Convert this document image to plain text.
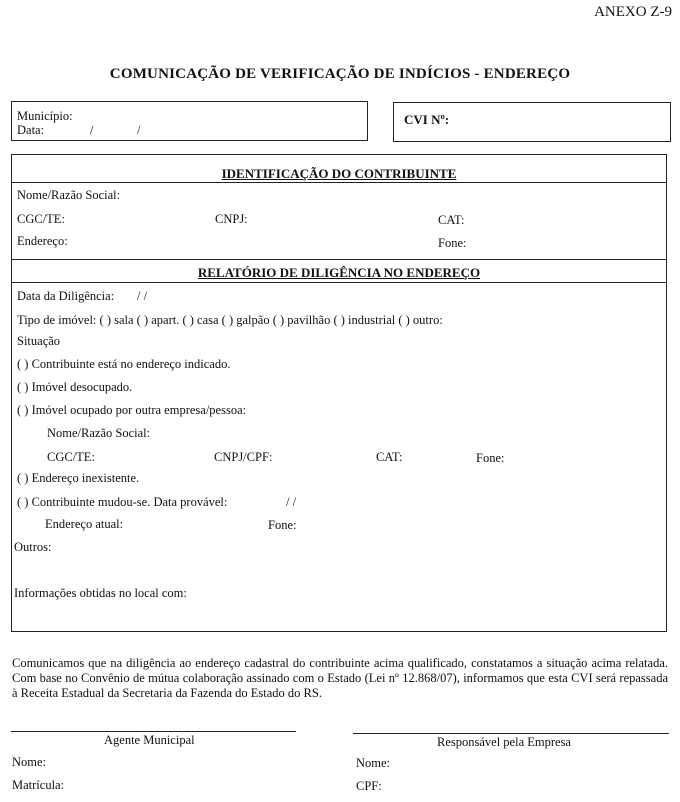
ANEXO Z-9
COMUNICAÇÃO DE VERIFICAÇÃO DE INDÍCIOS - ENDEREÇO
Município:
Data:	/	/
CVI Nº:
IDENTIFICAÇÃO DO CONTRIBUINTE
Nome/Razão Social:
CGC/TE:	CNPJ:	CAT:
Endereço:	Fone:
RELATÓRIO DE DILIGÊNCIA NO ENDEREÇO
Data da Diligência: / /
Tipo de imóvel: ( ) sala ( ) apart. ( ) casa ( ) galpão ( ) pavilhão ( ) industrial ( ) outro:
Situação
( ) Contribuinte está no endereço indicado.
( ) Imóvel desocupado.
( ) Imóvel ocupado por outra empresa/pessoa:
Nome/Razão Social:
CGC/TE:	CNPJ/CPF:	CAT:	Fone:
( ) Endereço inexistente.
( ) Contribuinte mudou-se. Data provável:	/ /
Endereço atual:	Fone:
Outros:
Informações obtidas no local com:
Comunicamos que na diligência ao endereço cadastral do contribuinte acima qualificado, constatamos a situação acima relatada. Com base no Convênio de mútua colaboração assinado com o Estado (Lei nº 12.868/07), informamos que esta CVI será repassada à Receita Estadual da Secretaria da Fazenda do Estado do RS.
Agente Municipal
Nome:
Matrícula:
Responsável pela Empresa
Nome:
CPF:
